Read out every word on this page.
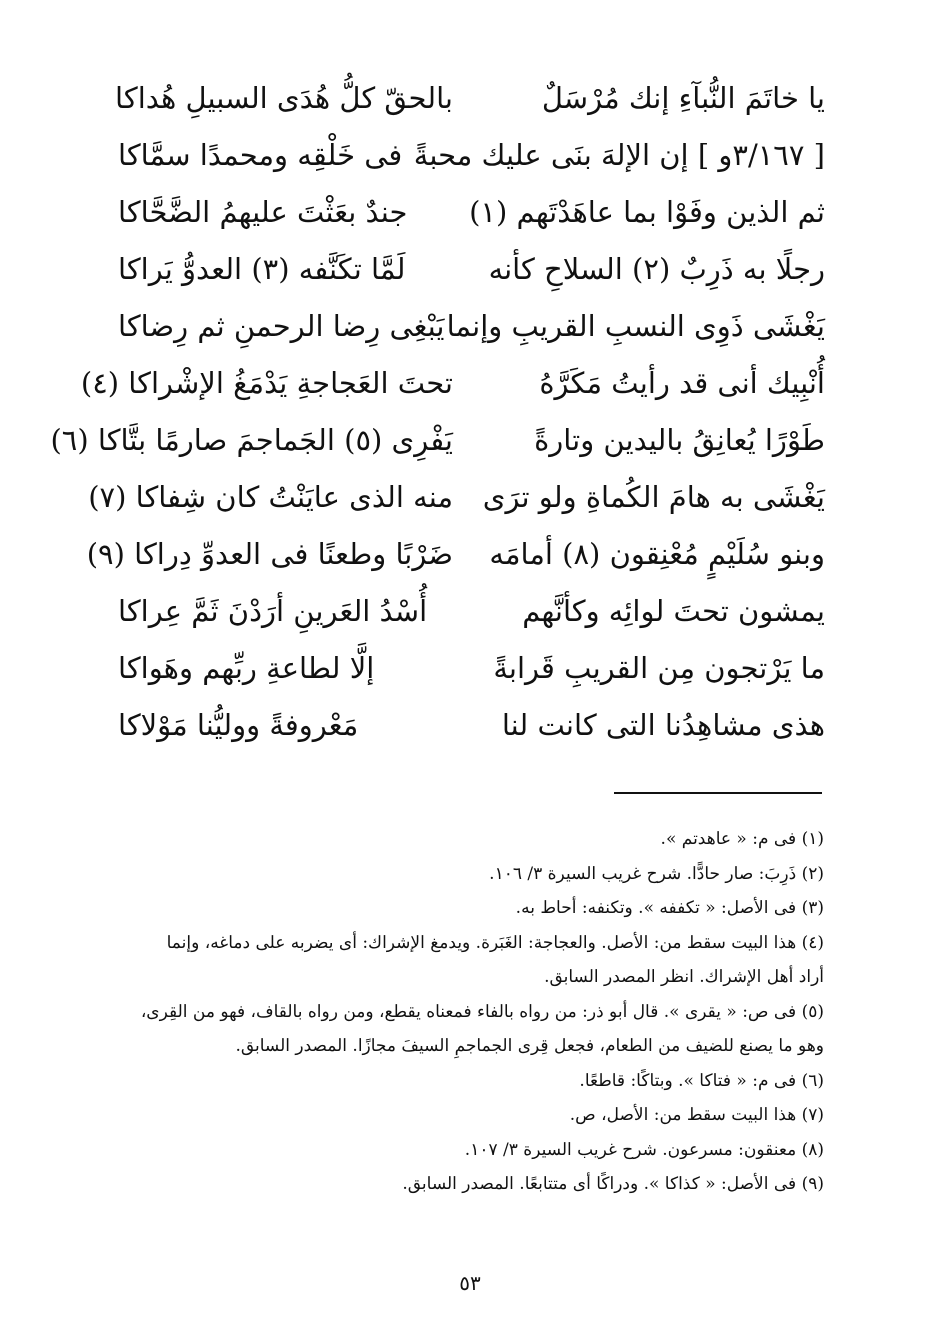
يا خاتَمَ النُّبآءِ إنك مُرْسَلٌ
بالحقّ كلُّ هُدَى السبيلِ هُداكا
[ ٣/١٦٧و ] إن الإلهَ بنَى عليك محبةً
فى خَلْقِه ومحمدًا سمَّاكا
ثم الذين وفَوْا بما عاهَدْتَهم (١)
جندٌ بعَثْتَ عليهمُ الضَّحَّاكا
رجلًا به ذَرِبٌ (٢) السلاحِ كأنه
لَمَّا تكَنَّفه (٣) العدوُّ يَراكا
يَغْشَى ذَوِى النسبِ القريبِ وإنما
يَبْغِى رِضا الرحمنِ ثم رِضاكا
أُنْبِيك أنى قد رأيتُ مَكَرَّهُ
تحتَ العَجاجةِ يَدْمَغُ الإشْراكا (٤)
طَوْرًا يُعانِقُ باليدين وتارةً
يَفْرِى (٥) الجَماجمَ صارمًا بتَّاكا (٦)
يَغْشَى به هامَ الكُماةِ ولو ترَى
منه الذى عايَنْتُ كان شِفاكا (٧)
وبنو سُلَيْمٍ مُعْنِقون (٨) أمامَه
ضَرْبًا وطعنًا فى العدوِّ دِراكا (٩)
يمشون تحتَ لوائِه وكأنَّهم
أُسْدُ العَرينِ أرَدْنَ ثَمَّ عِراكا
ما يَرْتجون مِن القريبِ قَرابةً
إلَّا لطاعةِ ربِّهم وهَواكا
هذى مشاهِدُنا التى كانت لنا
مَعْروفةً ووليُّنا مَوْلاكا
(١) فى م: « عاهدتم ».
(٢) ذَرِبَ: صار حادًّا. شرح غريب السيرة ٣/ ١٠٦.
(٣) فى الأصل: « تكففه ». وتكنفه: أحاط به.
(٤) هذا البيت سقط من: الأصل. والعجاجة: الغَبَرة. ويدمغ الإشراك: أى يضربه على دماغه، وإنما
أراد أهل الإشراك. انظر المصدر السابق.
(٥) فى ص: « يقرى ». قال أبو ذر: من رواه بالفاء فمعناه يقطع، ومن رواه بالقاف، فهو من القِرى،
وهو ما يصنع للضيف من الطعام، فجعل قِرى الجماجمِ السيفَ مجازًا. المصدر السابق.
(٦) فى م: « فتاكا ». وبتاكًا: قاطعًا.
(٧) هذا البيت سقط من: الأصل، ص.
(٨) معنقون: مسرعون. شرح غريب السيرة ٣/ ١٠٧.
(٩) فى الأصل: « كذاكا ». ودراكًا أى متتابعًا. المصدر السابق.
٥٣
